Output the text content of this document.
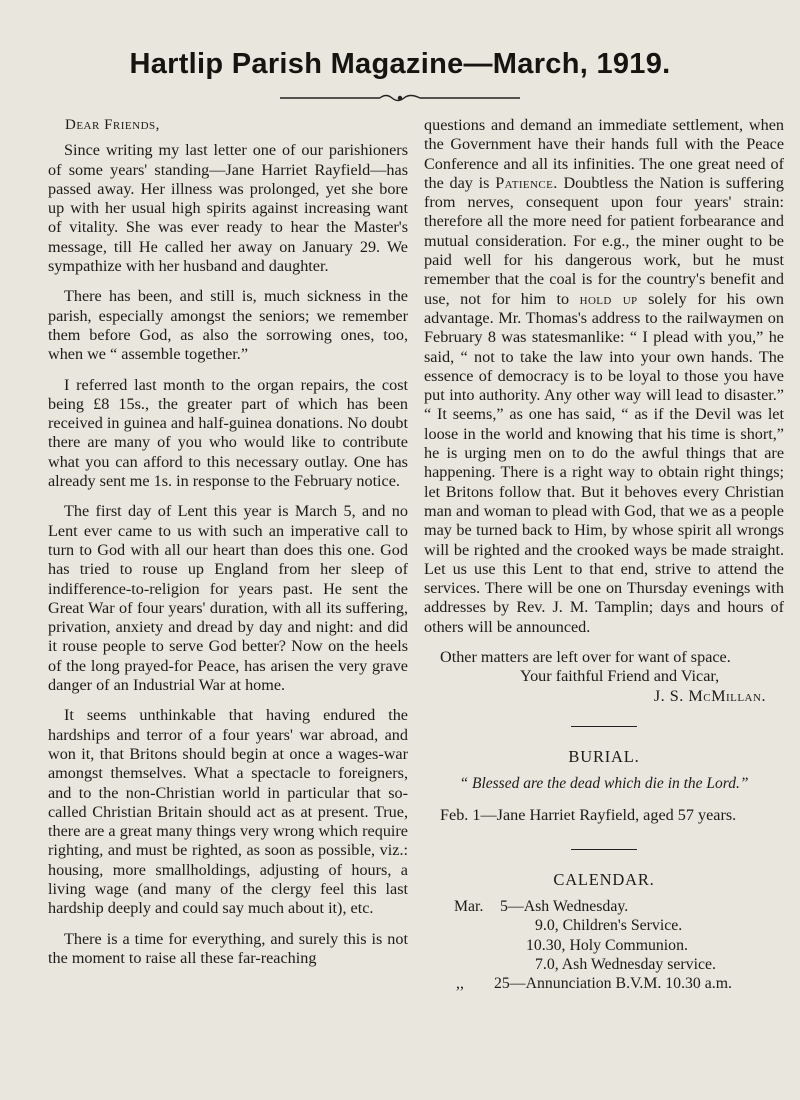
Hartlip Parish Magazine—March, 1919.
Dear Friends,

Since writing my last letter one of our parishioners of some years' standing—Jane Harriet Rayfield—has passed away. Her illness was prolonged, yet she bore up with her usual high spirits against increasing want of vitality. She was ever ready to hear the Master's message, till He called her away on January 29. We sympathize with her husband and daughter.

There has been, and still is, much sickness in the parish, especially amongst the seniors; we remember them before God, as also the sorrowing ones, too, when we “ assemble together.”

I referred last month to the organ repairs, the cost being £8 15s., the greater part of which has been received in guinea and half-guinea donations. No doubt there are many of you who would like to contribute what you can afford to this necessary outlay. One has already sent me 1s. in response to the February notice.

The first day of Lent this year is March 5, and no Lent ever came to us with such an imperative call to turn to God with all our heart than does this one. God has tried to rouse up England from her sleep of indifference-to-religion for years past. He sent the Great War of four years' duration, with all its suffering, privation, anxiety and dread by day and night: and did it rouse people to serve God better? Now on the heels of the long prayed-for Peace, has arisen the very grave danger of an Industrial War at home.

It seems unthinkable that having endured the hardships and terror of a four years' war abroad, and won it, that Britons should begin at once a wages-war amongst themselves. What a spectacle to foreigners, and to the non-Christian world in particular that so-called Christian Britain should act as at present. True, there are a great many things very wrong which require righting, and must be righted, as soon as possible, viz.: housing, more smallholdings, adjusting of hours, a living wage (and many of the clergy feel this last hardship deeply and could say much about it), etc.

There is a time for everything, and surely this is not the moment to raise all these far-reaching

questions and demand an immediate settlement, when the Government have their hands full with the Peace Conference and all its infinities. The one great need of the day is Patience. Doubtless the Nation is suffering from nerves, consequent upon four years' strain: therefore all the more need for patient forbearance and mutual consideration. For e.g., the miner ought to be paid well for his dangerous work, but he must remember that the coal is for the country's benefit and use, not for him to hold up solely for his own advantage. Mr. Thomas's address to the railwaymen on February 8 was statesmanlike: “ I plead with you,” he said, “ not to take the law into your own hands. The essence of democracy is to be loyal to those you have put into authority. Any other way will lead to disaster.” “ It seems,” as one has said, “ as if the Devil was let loose in the world and knowing that his time is short,” he is urging men on to do the awful things that are happening. There is a right way to obtain right things; let Britons follow that. But it behoves every Christian man and woman to plead with God, that we as a people may be turned back to Him, by whose spirit all wrongs will be righted and the crooked ways be made straight. Let us use this Lent to that end, strive to attend the services. There will be one on Thursday evenings with addresses by Rev. J. M. Tamplin; days and hours of others will be announced.

Other matters are left over for want of space.
Your faithful Friend and Vicar,
J. S. McMillan.
BURIAL.
“ Blessed are the dead which die in the Lord.”

Feb. 1—Jane Harriet Rayfield, aged 57 years.

CALENDAR.
Mar. 5—Ash Wednesday.
9.0, Children's Service.
10.30, Holy Communion.
7.0, Ash Wednesday service.
,, 25—Annunciation B.V.M. 10.30 a.m.
